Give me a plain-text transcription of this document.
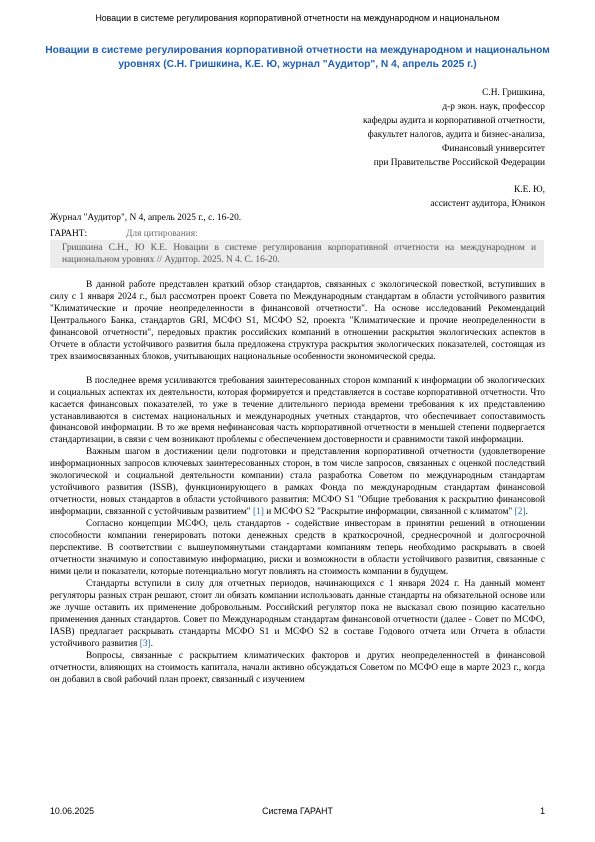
Новации в системе регулирования корпоративной отчетности на международном и национальном
Новации в системе регулирования корпоративной отчетности на международном и национальном уровнях (С.Н. Гришкина, К.Е. Ю, журнал "Аудитор", N 4, апрель 2025 г.)
С.Н. Гришкина,
д-р экон. наук, профессор
кафедры аудита и корпоративной отчетности,
факультет налогов, аудита и бизнес-анализа,
Финансовый университет
при Правительстве Российской Федерации
К.Е. Ю,
ассистент аудитора, Юникон
Журнал "Аудитор", N 4, апрель 2025 г., с. 16-20.
ГАРАНТ:	Для цитирования:
Гришкина С.Н., Ю К.Е. Новации в системе регулирования корпоративной отчетности на международном и национальном уровнях // Аудитор. 2025. N 4. С. 16-20.

В данной работе представлен краткий обзор стандартов, связанных с экологической повесткой, вступивших в силу с 1 января 2024 г., был рассмотрен проект Совета по Международным стандартам в области устойчивого развития "Климатические и прочие неопределенности в финансовой отчетности". На основе исследований Рекомендаций Центрального Банка, стандартов GRI, МСФО S1, МСФО S2, проекта "Климатические и прочие неопределенности в финансовой отчетности", передовых практик российских компаний в отношении раскрытия экологических аспектов в Отчете в области устойчивого развития была предложена структура раскрытия экологических показателей, состоящая из трех взаимосвязанных блоков, учитывающих национальные особенности экономической среды.

В последнее время усиливаются требования заинтересованных сторон компаний к информации об экологических и социальных аспектах их деятельности, которая формируется и представляется в составе корпоративной отчетности. Что касается финансовых показателей, то уже в течение длительного периода времени требования к их представлению устанавливаются в системах национальных и международных учетных стандартов, что обеспечивает сопоставимость финансовой информации. В то же время нефинансовая часть корпоративной отчетности в меньшей степени подвергается стандартизации, в связи с чем возникают проблемы с обеспечением достоверности и сравнимости такой информации.

Важным шагом в достижении цели подготовки и представления корпоративной отчетности (удовлетворение информационных запросов ключевых заинтересованных сторон, в том числе запросов, связанных с оценкой последствий экологической и социальной деятельности компании) стала разработка Советом по международным стандартам устойчивого развития (ISSB), функционирующего в рамках Фонда по международным стандартам финансовой отчетности, новых стандартов в области устойчивого развития: МСФО S1 "Общие требования к раскрытию финансовой информации, связанной с устойчивым развитием" [1] и МСФО S2 "Раскрытие информации, связанной с климатом" [2].

Согласно концепции МСФО, цель стандартов - содействие инвесторам в принятии решений в отношении способности компании генерировать потоки денежных средств в краткосрочной, среднесрочной и долгосрочной перспективе. В соответствии с вышеупомянутыми стандартами компаниям теперь необходимо раскрывать в своей отчетности значимую и сопоставимую информацию, риски и возможности в области устойчивого развития, связанные с ними цели и показатели, которые потенциально могут повлиять на стоимость компании в будущем.

Стандарты вступили в силу для отчетных периодов, начинающихся с 1 января 2024 г. На данный момент регуляторы разных стран решают, стоит ли обязать компании использовать данные стандарты на обязательной основе или же лучше оставить их применение добровольным. Российский регулятор пока не высказал свою позицию касательно применения данных стандартов. Совет по Международным стандартам финансовой отчетности (далее - Совет по МСФО, IASB) предлагает раскрывать стандарты МСФО S1 и МСФО S2 в составе Годового отчета или Отчета в области устойчивого развития [3].

Вопросы, связанные с раскрытием климатических факторов и других неопределенностей в финансовой отчетности, влияющих на стоимость капитала, начали активно обсуждаться Советом по МСФО еще в марте 2023 г., когда он добавил в свой рабочий план проект, связанный с изучением

10.06.2025	Система ГАРАНТ	1
